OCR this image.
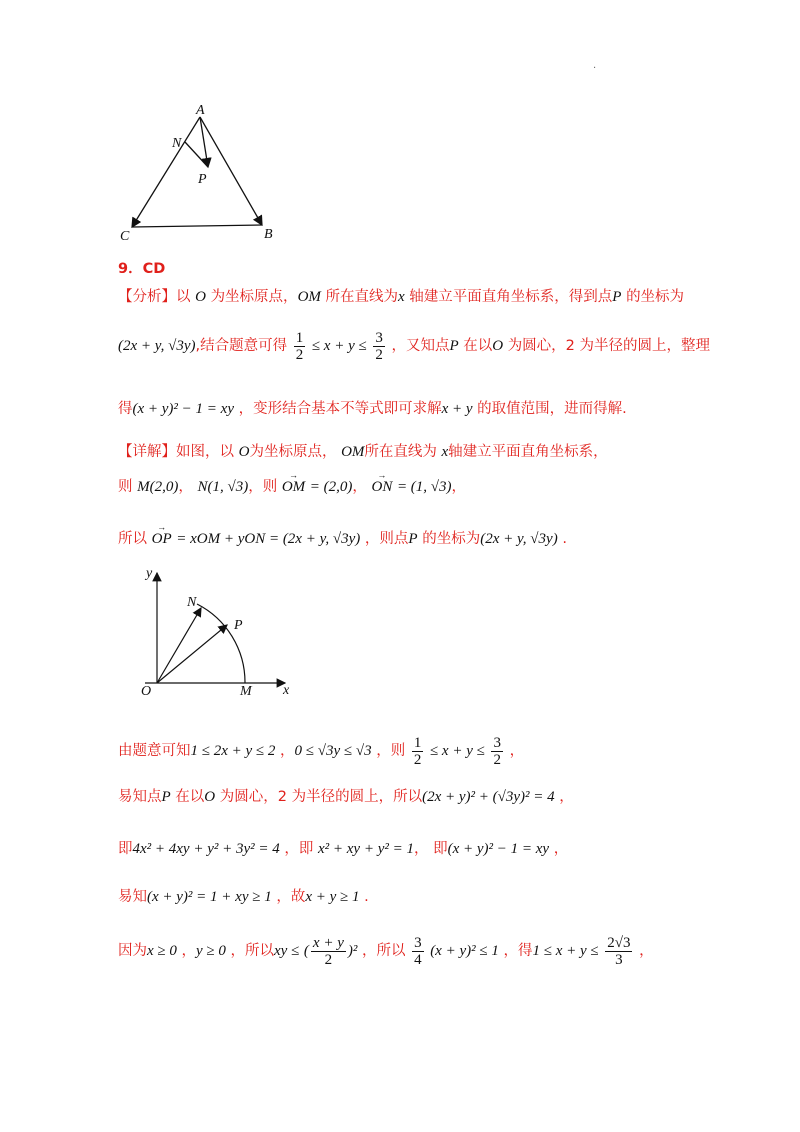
.
A
N
P
C	B
9．CD
【分析】以 O 为坐标原点，OM 所在直线为x 轴建立平面直角坐标系，得到点P 的坐标为
(2x + y, √3y),结合题意可得 $\frac{1}{2} \le x + y \le \frac{3}{2}$ ，又知点P 在以O 为圆心，2 为半径的圆上，整理
得(x + y)² − 1 = xy ，变形结合基本不等式即可求解x + y 的取值范围，进而得解.
【详解】如图，以 O为坐标原点， OM所在直线为 x轴建立平面直角坐标系，
则 M(2,0)， N(1, √3)，则 → OM = (2,0)， → ON = (1, √3)，
所以 → OP = xOM + yON = (2x + y, √3y) ，则点P 的坐标为(2x + y, √3y) .
y
x
O	M
N
P
由题意可知1 ≤ 2x + y ≤ 2 ，0 ≤ √3y ≤ √3 ，则 $\frac{1}{2} \le x + y \le \frac{3}{2}$ ，
易知点P 在以O 为圆心，2 为半径的圆上，所以(2x + y)² + (√3y)² = 4 ，
即4x² + 4xy + y² + 3y² = 4 ，即 x² + xy + y² = 1， 即(x + y)² − 1 = xy ，
易知(x + y)² = 1 + xy ≥ 1 ，故x + y ≥ 1 .
因为x ≥ 0 ，y ≥ 0 ，所以xy ≤ ( $\frac{x + y}{2} )^2$ ，所以 $\frac{3}{4} (x + y)^2 \le 1$ ，得$1 \le x + y \le \frac{2√3}{3}$ ，
